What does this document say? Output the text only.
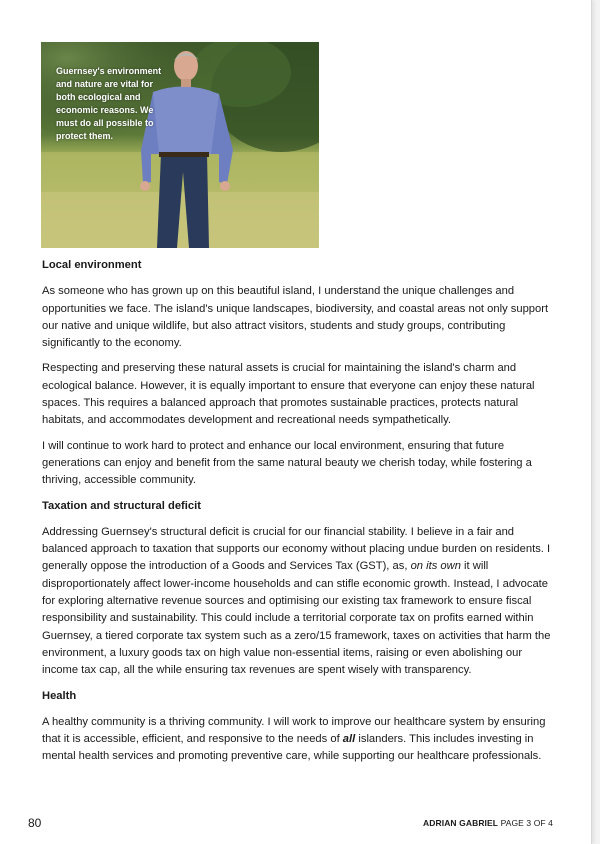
Guernsey's environment and nature are vital for both ecological and economic reasons. We must do all possible to protect them.
Local environment

As someone who has grown up on this beautiful island, I understand the unique challenges and opportunities we face. The island's unique landscapes, biodiversity, and coastal areas not only support our native and unique wildlife, but also attract visitors, students and study groups, contributing significantly to the economy.

Respecting and preserving these natural assets is crucial for maintaining the island's charm and ecological balance. However, it is equally important to ensure that everyone can enjoy these natural spaces. This requires a balanced approach that promotes sustainable practices, protects natural habitats, and accommodates development and recreational needs sympathetically.

I will continue to work hard to protect and enhance our local environment, ensuring that future generations can enjoy and benefit from the same natural beauty we cherish today, while fostering a thriving, accessible community.

Taxation and structural deficit

Addressing Guernsey's structural deficit is crucial for our financial stability. I believe in a fair and balanced approach to taxation that supports our economy without placing undue burden on residents. I generally oppose the introduction of a Goods and Services Tax (GST), as, on its own it will disproportionately affect lower-income households and can stifle economic growth. Instead, I advocate for exploring alternative revenue sources and optimising our existing tax framework to ensure fiscal responsibility and sustainability. This could include a territorial corporate tax on profits earned within Guernsey, a tiered corporate tax system such as a zero/15 framework, taxes on activities that harm the environment, a luxury goods tax on high value non-essential items, raising or even abolishing our income tax cap, all the while ensuring tax revenues are spent wisely with transparency.

Health

A healthy community is a thriving community. I will work to improve our healthcare system by ensuring that it is accessible, efficient, and responsive to the needs of all islanders. This includes investing in mental health services and promoting preventive care, while supporting our healthcare professionals.

80	ADRIAN GABRIEL PAGE 3 OF 4
